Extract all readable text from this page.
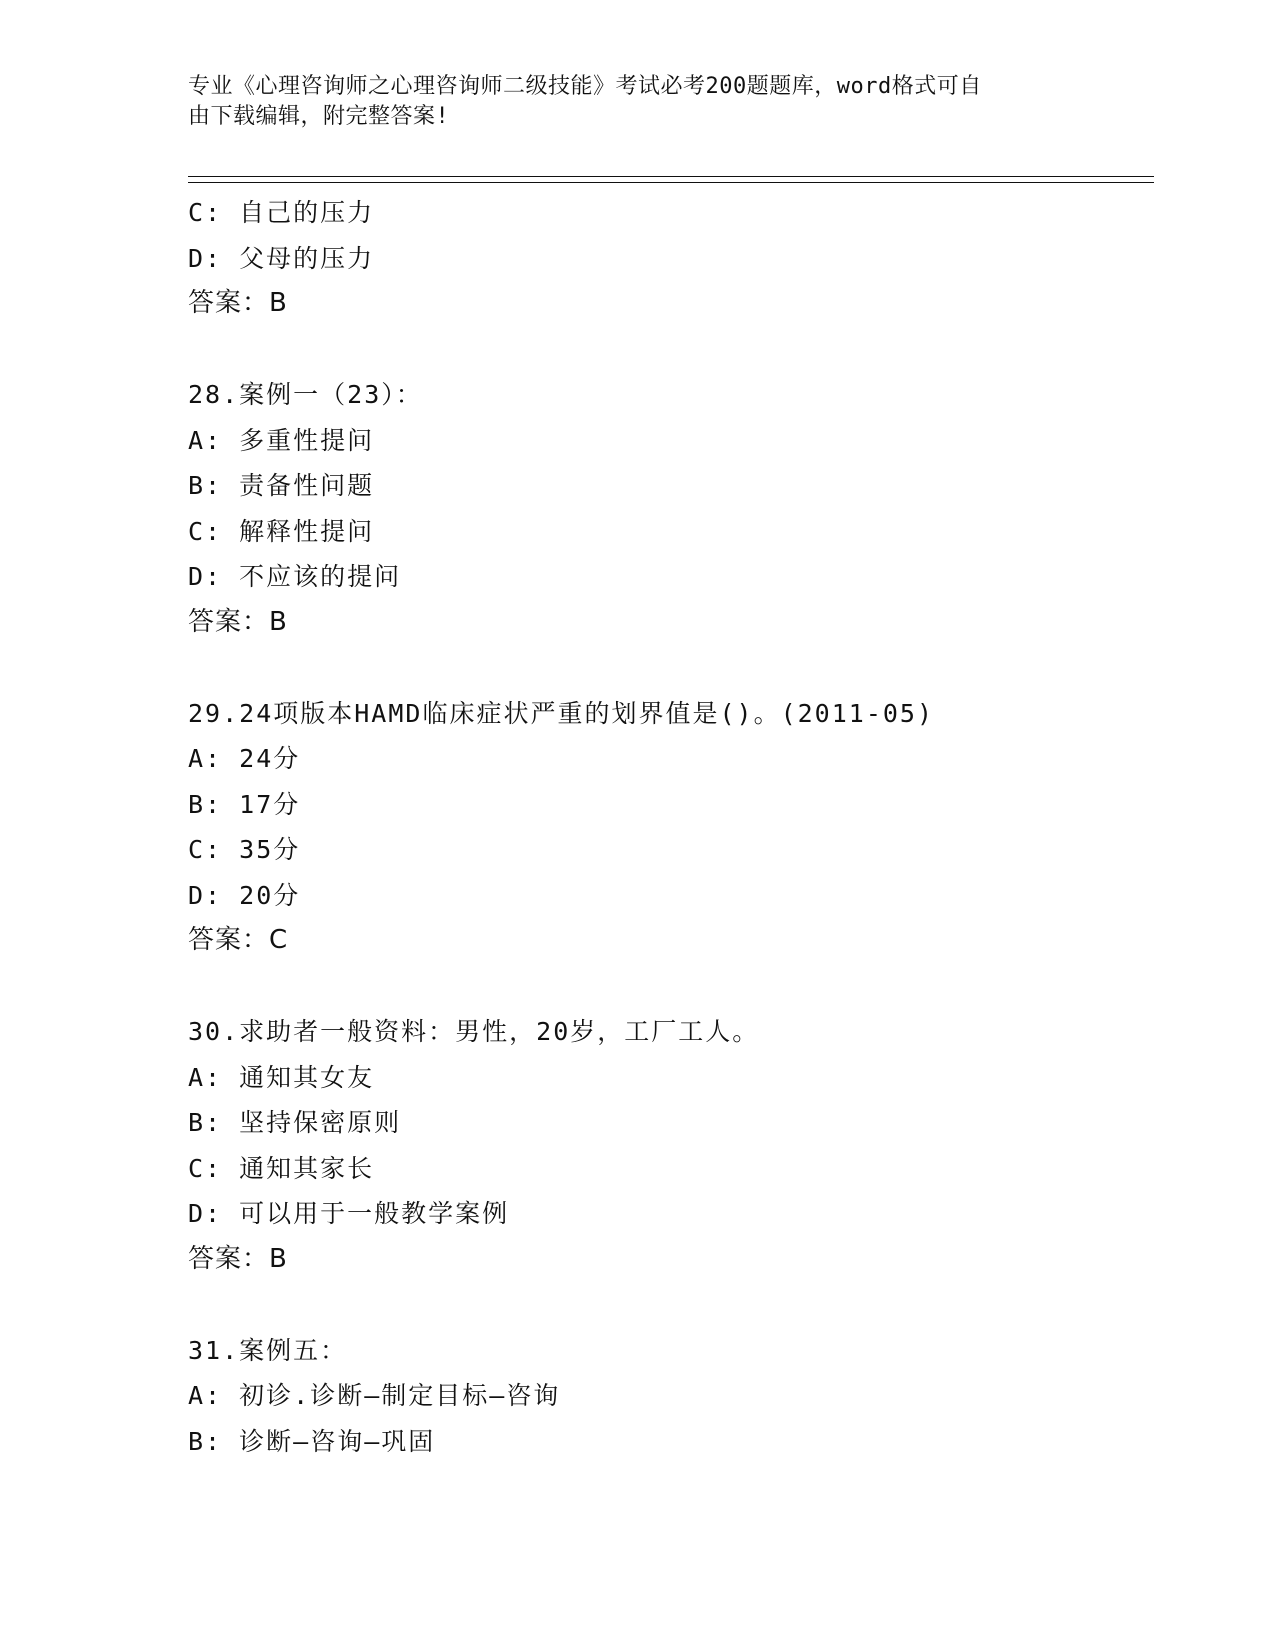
专业《心理咨询师之心理咨询师二级技能》考试必考200题题库，word格式可自
由下载编辑，附完整答案!
C: 自己的压力
D: 父母的压力
答案：B
28.案例一（23）：
A: 多重性提问
B: 责备性问题
C: 解释性提问
D: 不应该的提问
答案：B
29.24项版本HAMD临床症状严重的划界值是()。(2011-05)
A: 24分
B: 17分
C: 35分
D: 20分
答案：C
30.求助者一般资料：男性，20岁，工厂工人。
A: 通知其女友
B: 坚持保密原则
C: 通知其家长
D: 可以用于一般教学案例
答案：B
31.案例五：
A: 初诊.诊断—制定目标—咨询
B: 诊断—咨询—巩固
